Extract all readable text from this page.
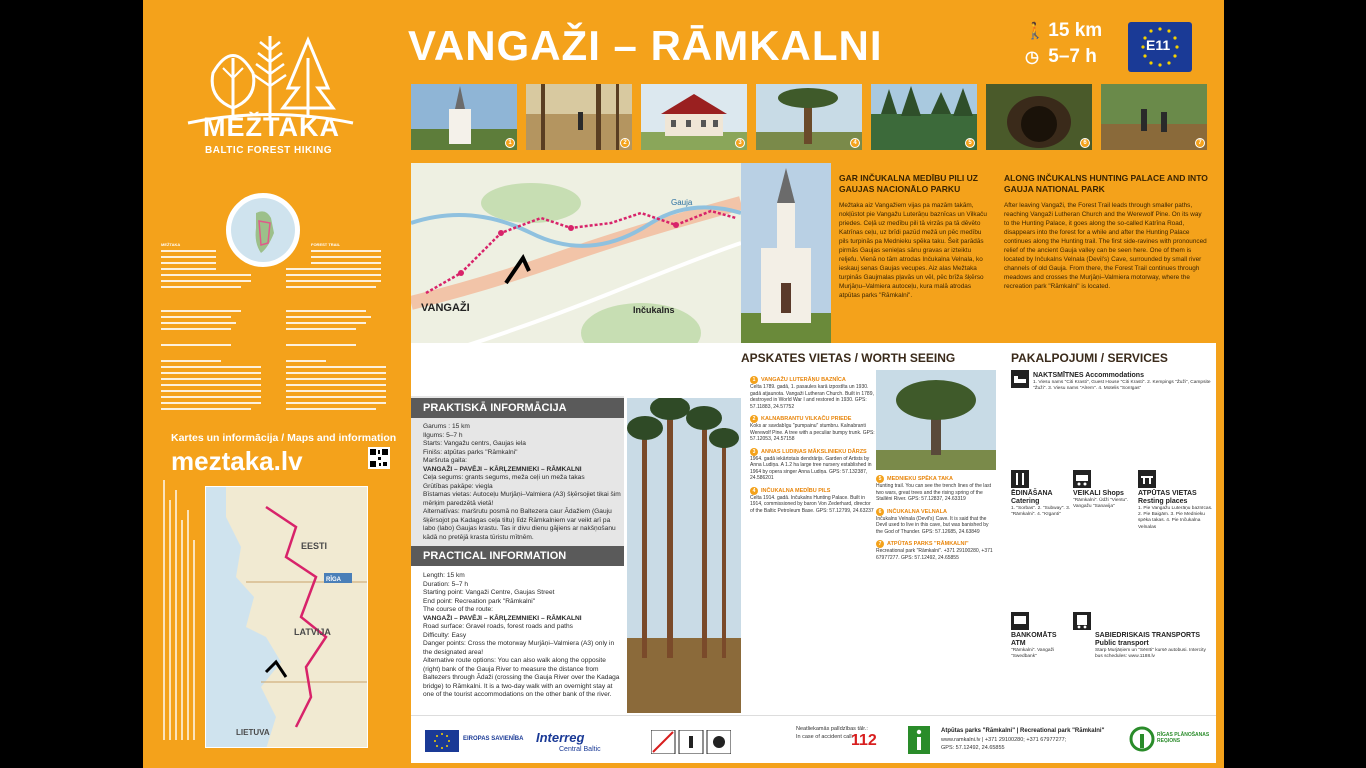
MEŽTAKA
BALTIC FOREST HIKING
MEŽTAKA	FOREST TRAIL
Kartes un informācija / Maps and information
meztaka.lv
EESTI
LATVIJA
LIETUVA
RĪGA
VANGAŽI – RĀMKALNI	🚶 15 km
◷ 5–7 h
E11
1	2	3	4	5	6	7
VANGAŽI	Inčukalns
Gauja
GAR INČUKALNA MEDĪBU PILI UZ GAUJAS NACIONĀLO PARKU
Mežtaka aiz Vangažiem vijas pa mazām takām, nokļūstot pie Vangažu Luterāņu baznīcas un Vilkaču priedes. Ceļā uz medību pili tā virzās pa tā dēvēto Katrīnas ceļu, uz brīdi pazūd mežā un pēc medību pils turpinās pa Mednieku spēka taku. Šeit parādās pirmās Gaujas senieļas sānu gravas ar izteiktu reljefu. Vienā no tām atrodas Inčukalna Velnala, ko ieskauj senas Gaujas vecupes. Aiz alas Mežtaka turpinās Gaujmalas pļavās un vēl, pēc brīža šķērso Murjāņu–Valmiera autoceļu, kura malā atrodas atpūtas parks "Rāmkalni".
ALONG INČUKALNS HUNTING PALACE AND INTO GAUJA NATIONAL PARK
After leaving Vangaži, the Forest Trail leads through smaller paths, reaching Vangaži Lutheran Church and the Werewolf Pine. On its way to the Hunting Palace, it goes along the so-called Katrīna Road, disappears into the forest for a while and after the Hunting Palace continues along the Hunting trail. The first side-ravines with pronounced relief of the ancient Gauja valley can be seen here. One of them is located by Inčukalns Velnala (Devil's) Cave, surrounded by small river channels of old Gauja. From there, the Forest Trail continues through meadows and crosses the Murjāņi–Valmiera motorway, where the recreation park "Rāmkalni" is located.
APSKATES VIETAS / WORTH SEEING	PAKALPOJUMI / SERVICES
PRAKTISKĀ INFORMĀCIJA
Garums : 15 km
Ilgums: 5–7 h
Starts: Vangažu centrs, Gaujas iela
Finišs: atpūtas parks "Rāmkalni"
Maršruta gaita:
VANGAŽI – PAVĒJI – KĀRĻZEMNIEKI – RĀMKALNI
Ceļa segums: grants segums, meža ceļi un meža takas
Grūtības pakāpe: viegla
Bīstamas vietas: Autoceļu Murjāņi–Valmiera (A3) šķērsojiet tikai šim mērķim paredzētā vietā!
Alternatīvas: maršrutu posmā no Baltezera caur Ādažiem (Gauju šķērsojot pa Kadagas ceļa tiltu) līdz Rāmkalniem var veikt arī pa labo (labo) Gaujas krastu. Tas ir divu dienu gājiens ar nakšņošanu kādā no pretējā krasta tūristu mītnēm.
PRACTICAL INFORMATION
Length: 15 km
Duration: 5–7 h
Starting point: Vangaži Centre, Gaujas Street
End point: Recreation park "Rāmkalni"
The course of the route:
VANGAŽI – PAVĒJI – KĀRĻZEMNIEKI – RĀMKALNI
Road surface: Gravel roads, forest roads and paths
Difficulty: Easy
Danger points: Cross the motorway Murjāņi–Valmiera (A3) only in the designated area!
Alternative route options: You can also walk along the opposite (right) bank of the Gauja River to measure the distance from Baltezers through Ādaži (crossing the Gauja River over the Kadaga bridge) to Rāmkalni. It is a two-day walk with an overnight stay at one of the tourist accommodations on the other bank of the river.
1 VANGAŽU LUTERĀŅU BAZNĪCA
Celta 1789. gadā, 1. pasaules karā izpostīta un 1930. gadā atjaunota. Vangaži Lutheran Church. Built in 1789, destroyed in World War I and restored in 1930. GPS: 57.11883, 24.57752
2 KALNABRANTU VILKAČU PRIEDE
Koks ar savdabīgu "pumpainu" stumbru. Kalnabranti Werewolf Pine. A tree with a peculiar bumpy trunk. GPS: 57.12053, 24.57158
3 ANNAS LUDIŅAS MĀKSLINIEKU DĀRZS
1964. gadā iekārtotais dendrārijs. Garden of Artists by Anna Ludiņa. A 1.2 ha large tree nursery established in 1964 by opera singer Anna Ludiņa. GPS: 57.132387, 24.586201
4 INČUKALNA MEDĪBU PILS
Celta 1914. gadā. Inčukalns Hunting Palace. Built in 1914, commissioned by baron Von Zederhard, director of the Baltic Petroleum Base. GPS: 57.12799, 24.63237
5 MEDNIEKU SPĒKA TAKA
Hunting trail. You can see the trench lines of the last two wars, great trees and the rising spring of the Stallēni River. GPS: 57.12837, 24.63319
6 INČUKALNA VELNALA
Inčukalns Velnala (Devil's) Cave. It is said that the Devil used to live in this cave, but was banished by the God of Thunder. GPS: 57.12685, 24.63849
7 ATPŪTAS PARKS "RĀMKALNI"
Recreational park "Rāmkalni". +371 29100280, +371 67977277. GPS: 57.12492, 24.65855
NAKTSMĪTNES Accommodations
1. Viesu nams "Citi Krasti", Guest House "Citi Krasti". 2. Kempings "Žuži", Campsite "Žuži". 3. Viesu nams "Alrem". 4. Motelis "Sonīgas"
ĒDINĀŠANA Catering
1. "Sorbas". 2. "Subway". 3. "Rāmkalni". 4. "Kīganti"
VEIKALI Shops
"Rāmkalni". Ūdži "Vientu". Vangažu "Sanavija"
ATPŪTAS VIETAS Resting places
1. Pie Vangažu Luterāņu baznīcas. 2. Pie Baigām. 3. Pie Mednieku spēka takas. 4. Pie Inčukalna Velnalas
BANKOMĀTS ATM
"Rāmkalni". Vangaži "Swedbank"
SABIEDRISKAIS TRANSPORTS Public transport
Starp Murjāņiem un "Sēnīti" kursē autobusi. Intercity bus schedules: www.1188.lv
EIROPAS SAVIENĪBA Interreg
Central Baltic
Neatliekamās palīdzības tālr.:
In case of accident call:
112
Atpūtas parks "Rāmkalni" | Recreational park "Rāmkalni"
www.ramkalni.lv | +371 29100280; +371 67977277;
GPS: 57.12492, 24.65855
RĪGAS PLĀNOŠANAS REĢIONS
